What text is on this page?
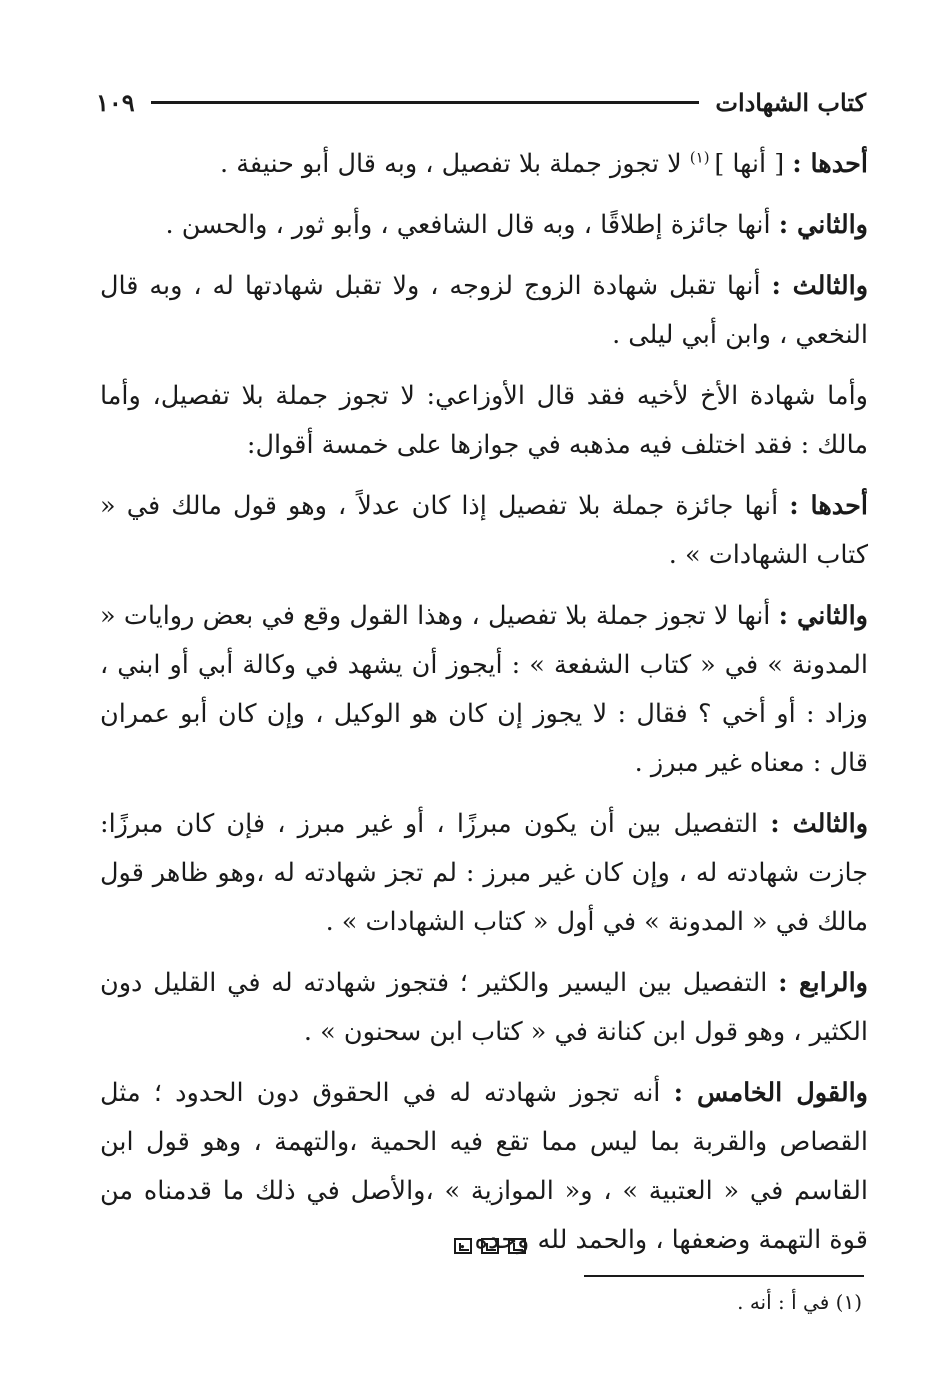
كتاب الشهادات
١٠٩

أحدها : [ أنها ] $^{(١)}$ لا تجوز جملة بلا تفصيل ، وبه قال أبو حنيفة .

والثاني : أنها جائزة إطلاقًا ، وبه قال الشافعي ، وأبو ثور ، والحسن .

والثالث : أنها تقبل شهادة الزوج لزوجه ، ولا تقبل شهادتها له ، وبه قال النخعي ، وابن أبي ليلى .

وأما شهادة الأخ لأخيه فقد قال الأوزاعي: لا تجوز جملة بلا تفصيل، وأما مالك : فقد اختلف فيه مذهبه في جوازها على خمسة أقوال:

أحدها : أنها جائزة جملة بلا تفصيل إذا كان عدلاً ، وهو قول مالك في « كتاب الشهادات » .

والثاني : أنها لا تجوز جملة بلا تفصيل ، وهذا القول وقع في بعض روايات « المدونة » في « كتاب الشفعة » : أيجوز أن يشهد في وكالة أبي أو ابني ، وزاد : أو أخي ؟ فقال : لا يجوز إن كان هو الوكيل ، وإن كان أبو عمران قال : معناه غير مبرز .

والثالث : التفصيل بين أن يكون مبرزًا ، أو غير مبرز ، فإن كان مبرزًا: جازت شهادته له ، وإن كان غير مبرز : لم تجز شهادته له ،وهو ظاهر قول مالك في « المدونة » في أول « كتاب الشهادات » .

والرابع : التفصيل بين اليسير والكثير ؛ فتجوز شهادته له في القليل دون الكثير ، وهو قول ابن كنانة في « كتاب ابن سحنون » .

والقول الخامس : أنه تجوز شهادته له في الحقوق دون الحدود ؛ مثل القصاص والقربة بما ليس مما تقع فيه الحمية ،والتهمة ، وهو قول ابن القاسم في « العتبية » ، و« الموازية » ،والأصل في ذلك ما قدمناه من قوة التهمة وضعفها ، والحمد لله وحده .

(١) في أ : أنه .
